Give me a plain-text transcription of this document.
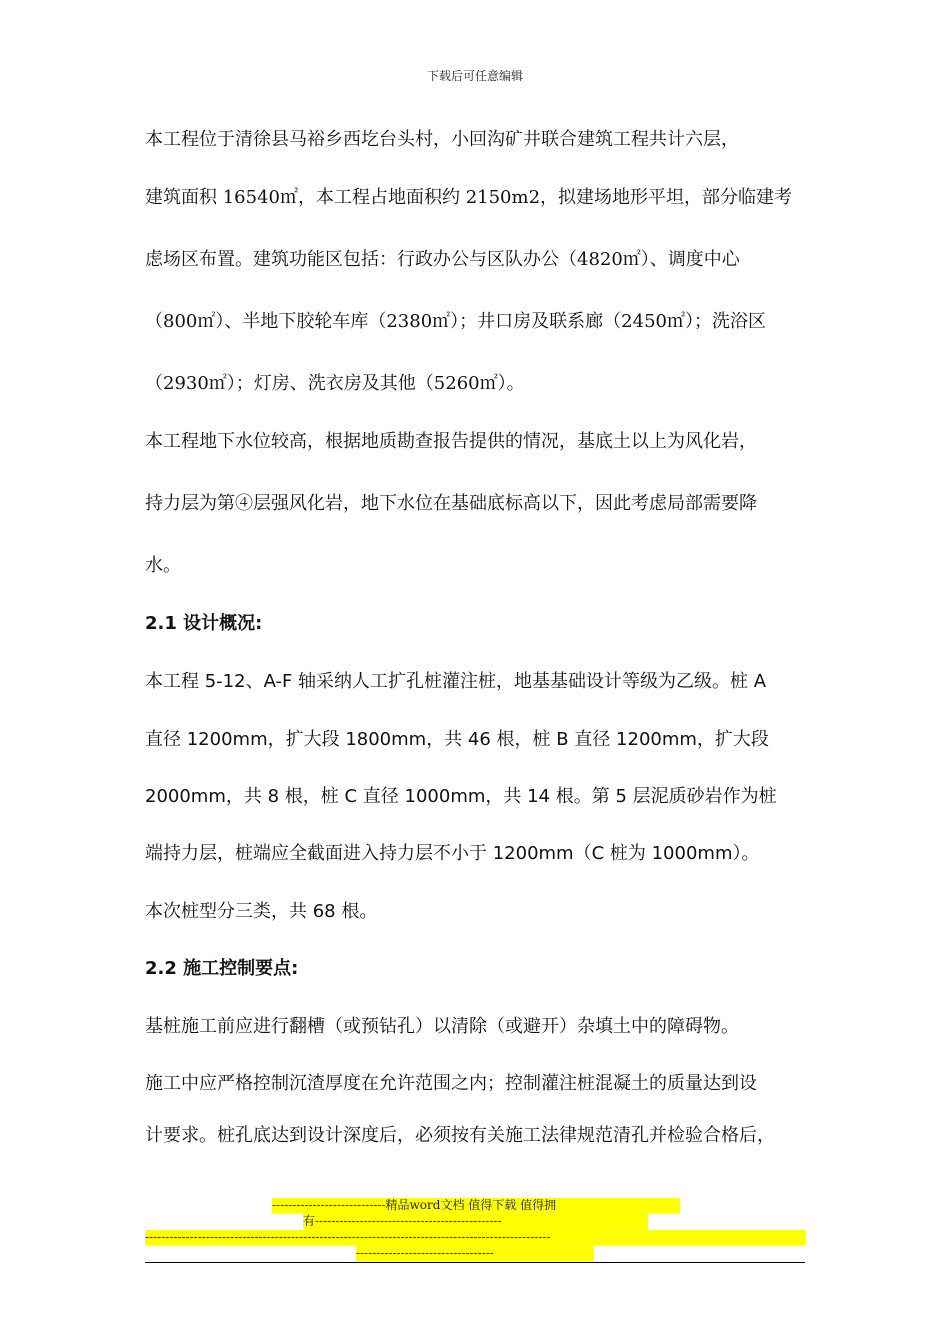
下载后可任意编辑
本工程位于清徐县马裕乡西圪台头村，小回沟矿井联合建筑工程共计六层，
建筑面积 16540㎡，本工程占地面积约 2150m2，拟建场地形平坦，部分临建考
虑场区布置。建筑功能区包括：行政办公与区队办公（4820㎡）、调度中心
（800㎡）、半地下胶轮车库（2380㎡）；井口房及联系廊（2450㎡）；洗浴区
（2930㎡）；灯房、洗衣房及其他（5260㎡）。
本工程地下水位较高，根据地质勘查报告提供的情况，基底土以上为风化岩，
持力层为第④层强风化岩，地下水位在基础底标高以下，因此考虑局部需要降
水。
2.1 设计概况:
本工程 5-12、A-F 轴采纳人工扩孔桩灌注桩，地基基础设计等级为乙级。桩 A
直径 1200mm，扩大段 1800mm，共 46 根，桩 B 直径 1200mm，扩大段
2000mm，共 8 根，桩 C 直径 1000mm，共 14 根。第 5 层泥质砂岩作为桩
端持力层，桩端应全截面进入持力层不小于 1200mm（C 桩为 1000mm）。
本次桩型分三类，共 68 根。
2.2 施工控制要点:
基桩施工前应进行翻槽（或预钻孔）以清除（或避开）杂填土中的障碍物。
施工中应严格控制沉渣厚度在允许范围之内；控制灌注桩混凝土的质量达到设
计要求。桩孔底达到设计深度后，必须按有关施工法律规范清孔并检验合格后，
----------------------------精品word文档 值得下载 值得拥
有----------------------------------------------
----------------------------------------------------------------------------------------------------
----------------------------------
